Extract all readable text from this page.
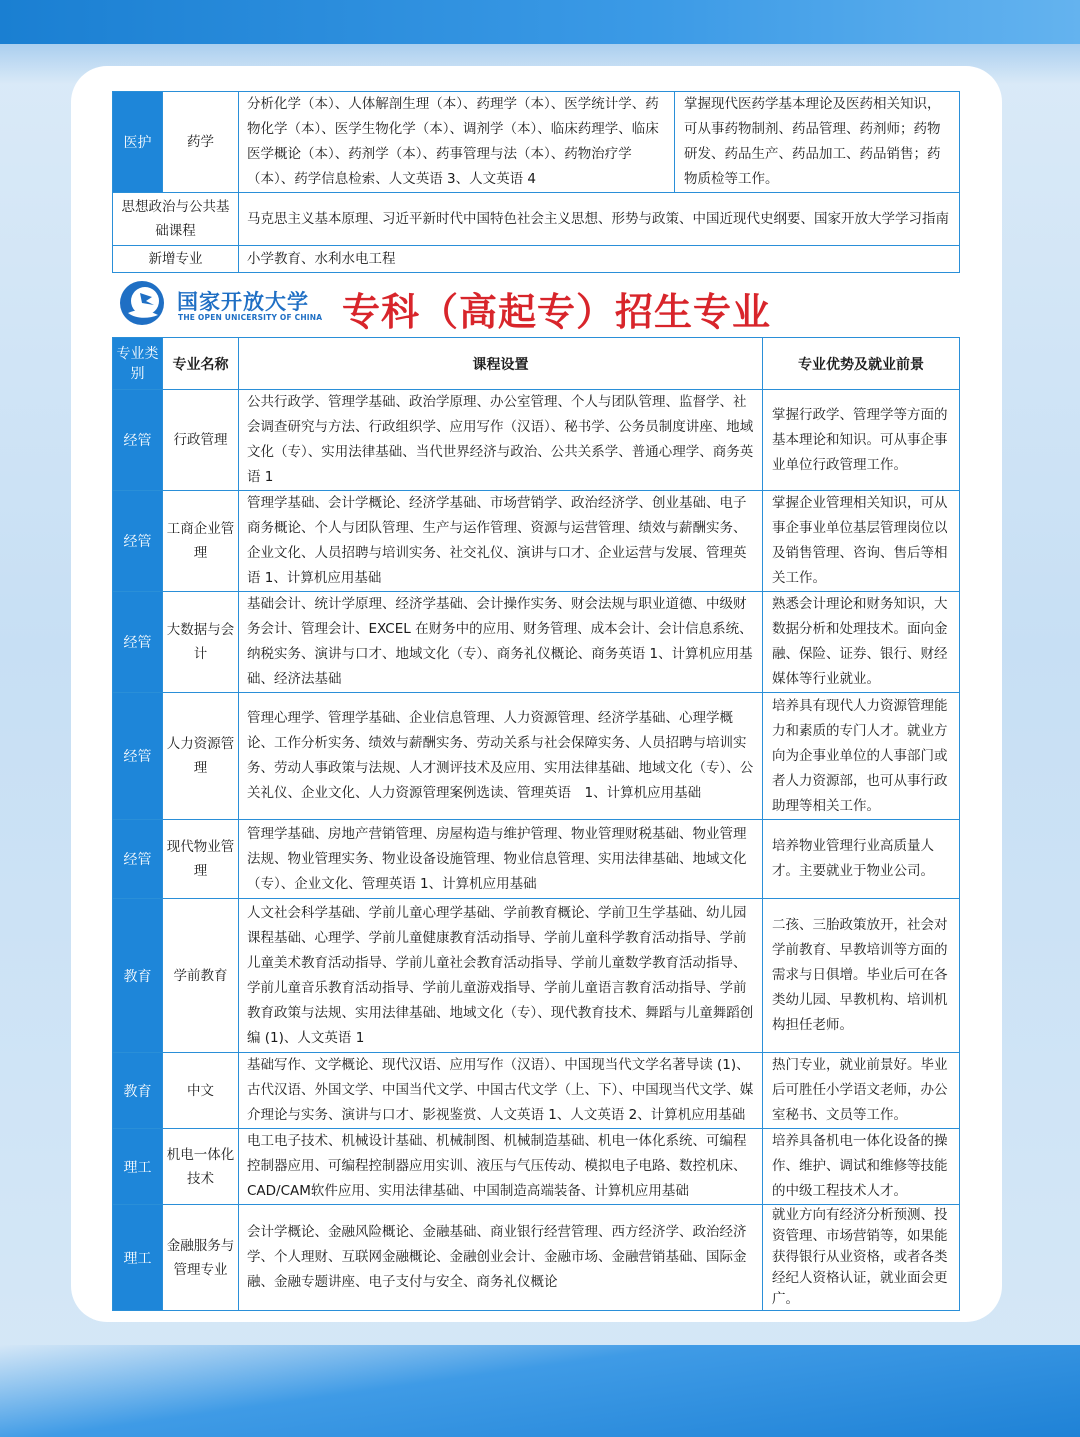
医护	药学	分析化学（本）、人体解剖生理（本）、药理学（本）、医学统计学、药物化学（本）、医学生物化学（本）、调剂学（本）、临床药理学、临床医学概论（本）、药剂学（本）、药事管理与法（本）、药物治疗学（本）、药学信息检索、人文英语 3、人文英语 4	掌握现代医药学基本理论及医药相关知识，可从事药物制剂、药品管理、药剂师；药物研发、药品生产、药品加工、药品销售；药物质检等工作。
思想政治与公共基础课程		马克思主义基本原理、习近平新时代中国特色社会主义思想、形势与政策、中国近现代史纲要、国家开放大学学习指南	
新增专业		小学教育、水利水电工程	
国家开放大学
THE OPEN UNICERSITY OF CHINA 专科（高起专）招生专业
专业类别	专业名称	课程设置	专业优势及就业前景
经管	行政管理	公共行政学、管理学基础、政治学原理、办公室管理、个人与团队管理、监督学、社会调查研究与方法、行政组织学、应用写作（汉语）、秘书学、公务员制度讲座、地域文化（专）、实用法律基础、当代世界经济与政治、公共关系学、普通心理学、商务英语 1	掌握行政学、管理学等方面的基本理论和知识。可从事企事业单位行政管理工作。
经管	工商企业管理	管理学基础、会计学概论、经济学基础、市场营销学、政治经济学、创业基础、电子商务概论、个人与团队管理、生产与运作管理、资源与运营管理、绩效与薪酬实务、企业文化、人员招聘与培训实务、社交礼仪、演讲与口才、企业运营与发展、管理英语 1、计算机应用基础	掌握企业管理相关知识，可从事企事业单位基层管理岗位以及销售管理、咨询、售后等相关工作。
经管	大数据与会计	基础会计、统计学原理、经济学基础、会计操作实务、财会法规与职业道德、中级财务会计、管理会计、EXCEL 在财务中的应用、财务管理、成本会计、会计信息系统、纳税实务、演讲与口才、地域文化（专）、商务礼仪概论、商务英语 1、计算机应用基础、经济法基础	熟悉会计理论和财务知识，大数据分析和处理技术。面向金融、保险、证券、银行、财经媒体等行业就业。
经管	人力资源管理	管理心理学、管理学基础、企业信息管理、人力资源管理、经济学基础、心理学概论、工作分析实务、绩效与薪酬实务、劳动关系与社会保障实务、人员招聘与培训实务、劳动人事政策与法规、人才测评技术及应用、实用法律基础、地域文化（专）、公关礼仪、企业文化、人力资源管理案例选读、管理英语　1、计算机应用基础	培养具有现代人力资源管理能力和素质的专门人才。就业方向为企事业单位的人事部门或者人力资源部，也可从事行政助理等相关工作。
经管	现代物业管理	管理学基础、房地产营销管理、房屋构造与维护管理、物业管理财税基础、物业管理法规、物业管理实务、物业设备设施管理、物业信息管理、实用法律基础、地域文化（专）、企业文化、管理英语 1、计算机应用基础	培养物业管理行业高质量人才。主要就业于物业公司。
教育	学前教育	人文社会科学基础、学前儿童心理学基础、学前教育概论、学前卫生学基础、幼儿园课程基础、心理学、学前儿童健康教育活动指导、学前儿童科学教育活动指导、学前儿童美术教育活动指导、学前儿童社会教育活动指导、学前儿童数学教育活动指导、学前儿童音乐教育活动指导、学前儿童游戏指导、学前儿童语言教育活动指导、学前教育政策与法规、实用法律基础、地域文化（专）、现代教育技术、舞蹈与儿童舞蹈创编 (1)、人文英语 1	二孩、三胎政策放开，社会对学前教育、早教培训等方面的需求与日俱增。毕业后可在各类幼儿园、早教机构、培训机构担任老师。
教育	中文	基础写作、文学概论、现代汉语、应用写作（汉语）、中国现当代文学名著导读 (1)、古代汉语、外国文学、中国当代文学、中国古代文学（上、下）、中国现当代文学、媒介理论与实务、演讲与口才、影视鉴赏、人文英语 1、人文英语 2、计算机应用基础	热门专业，就业前景好。毕业后可胜任小学语文老师，办公室秘书、文员等工作。
理工	机电一体化技术	电工电子技术、机械设计基础、机械制图、机械制造基础、机电一体化系统、可编程控制器应用、可编程控制器应用实训、液压与气压传动、模拟电子电路、数控机床、CAD/CAM软件应用、实用法律基础、中国制造高端装备、计算机应用基础	培养具备机电一体化设备的操作、维护、调试和维修等技能的中级工程技术人才。
理工	金融服务与管理专业	会计学概论、金融风险概论、金融基础、商业银行经营管理、西方经济学、政治经济学、个人理财、互联网金融概论、金融创业会计、金融市场、金融营销基础、国际金融、金融专题讲座、电子支付与安全、商务礼仪概论	就业方向有经济分析预测、投资管理、市场营销等，如果能获得银行从业资格，或者各类经纪人资格认证，就业面会更广。
